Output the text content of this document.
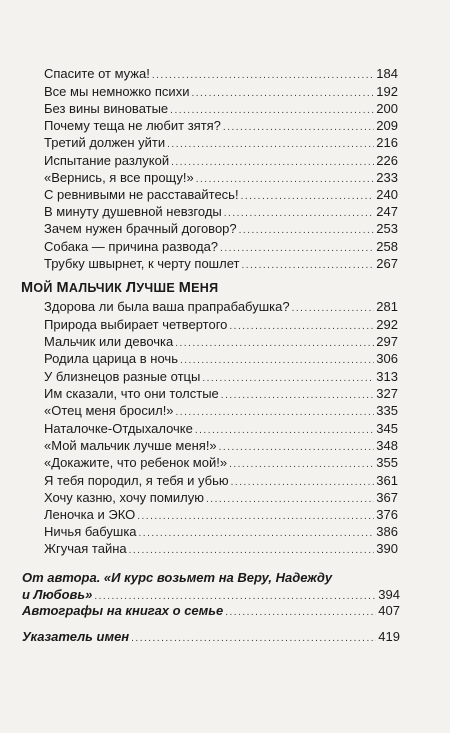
Спасите от мужа! .....	184
Все мы немножко психи .....	192
Без вины виноватые .....	200
Почему теща не любит зятя? .....	209
Третий должен уйти .....	216
Испытание разлукой .....	226
«Вернись, я все прощу!» .....	233
С ревнивыми не расставайтесь! .....	240
В минуту душевной невзгоды .....	247
Зачем нужен брачный договор? .....	253
Собака — причина развода? .....	258
Трубку швырнет, к черту пошлет .....	267
МОЙ МАЛЬЧИК ЛУЧШЕ МЕНЯ
Здорова ли была ваша прапрабабушка? .....	281
Природа выбирает четвертого .....	292
Мальчик или девочка .....	297
Родила царица в ночь .....	306
У близнецов разные отцы .....	313
Им сказали, что они толстые .....	327
«Отец меня бросил!» .....	335
Наталочке-Отдыхалочке .....	345
«Мой мальчик лучше меня!» .....	348
«Докажите, что ребенок мой!» .....	355
Я тебя породил, я тебя и убью .....	361
Хочу казню, хочу помилую .....	367
Леночка и ЭКО .....	376
Ничья бабушка .....	386
Жгучая тайна .....	390
От автора. «И курс возьмет на Веру, Надежду
и Любовь» .....	394
Автографы на книгах о семье .....	407
Указатель имен .....	419
